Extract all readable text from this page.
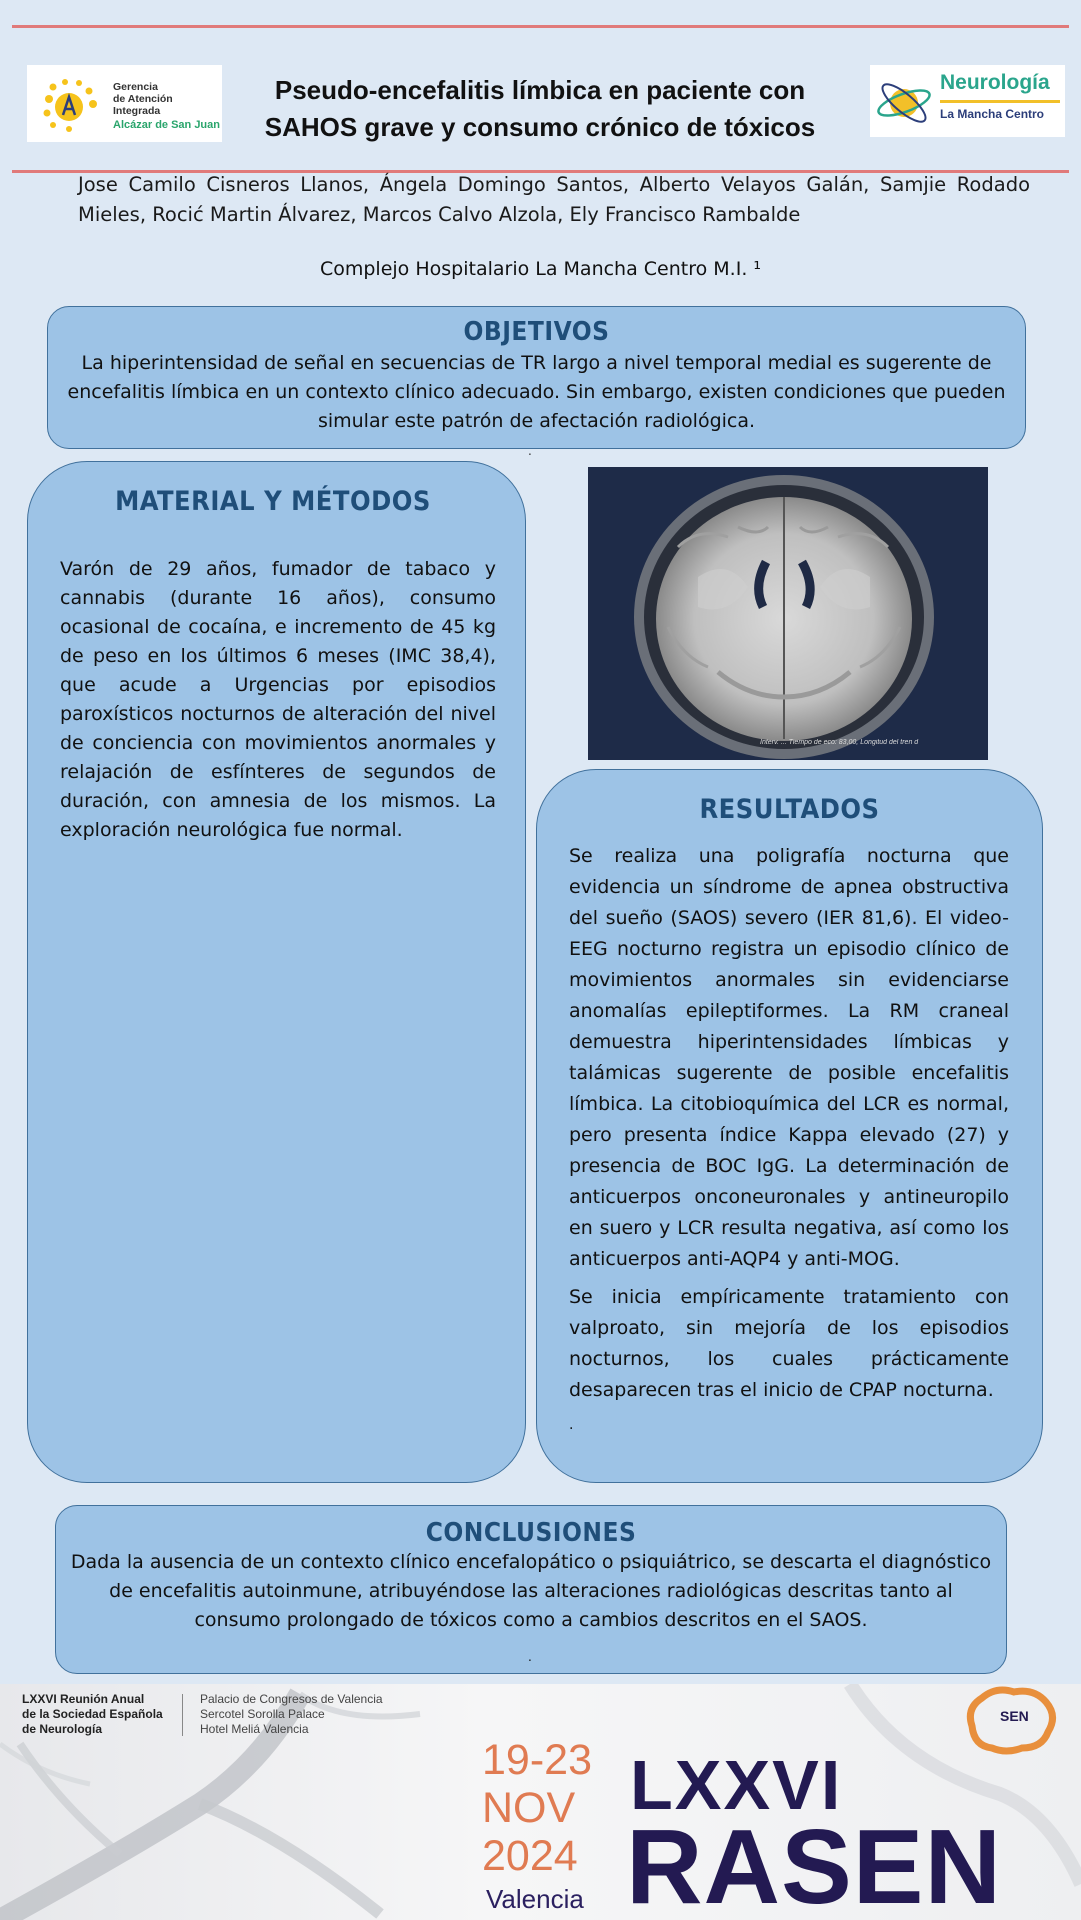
Gerencia
de Atención
Integrada
Alcázar de San Juan
Pseudo-encefalitis límbica en paciente con
SAHOS grave y consumo crónico de tóxicos
Neurología
La Mancha Centro
Jose Camilo Cisneros Llanos, Ángela Domingo Santos, Alberto Velayos Galán, Samjie Rodado Mieles, Rocić Martin Álvarez, Marcos Calvo Alzola, Ely Francisco Rambalde
Complejo Hospitalario La Mancha Centro M.I. ¹
OBJETIVOS
La hiperintensidad de señal en secuencias de TR largo a nivel temporal medial es sugerente de encefalitis límbica en un contexto clínico adecuado. Sin embargo, existen condiciones que pueden simular este patrón de afectación radiológica.
.
MATERIAL Y MÉTODOS
Varón de 29 años, fumador de tabaco y cannabis (durante 16 años), consumo ocasional de cocaína, e incremento de 45 kg de peso en los últimos 6 meses (IMC 38,4), que acude a Urgencias por episodios paroxísticos nocturnos de alteración del nivel de conciencia con movimientos anormales y relajación de esfínteres de segundos de duración, con amnesia de los mismos. La exploración neurológica fue normal.
Interv. ... Tiempo de eco: 83,00, Longitud del tren d
RESULTADOS
Se realiza una poligrafía nocturna que evidencia un síndrome de apnea obstructiva del sueño (SAOS) severo (IER 81,6). El video-EEG nocturno registra un episodio clínico de movimientos anormales sin evidenciarse anomalías epileptiformes. La RM craneal demuestra hiperintensidades límbicas y talámicas sugerente de posible encefalitis límbica. La citobioquímica del LCR es normal, pero presenta índice Kappa elevado (27) y presencia de BOC IgG. La determinación de anticuerpos onconeuronales y antineuropilo en suero y LCR resulta negativa, así como los anticuerpos anti-AQP4 y anti-MOG.
Se inicia empíricamente tratamiento con valproato, sin mejoría de los episodios nocturnos, los cuales prácticamente desaparecen tras el inicio de CPAP nocturna.
.
CONCLUSIONES
Dada la ausencia de un contexto clínico encefalopático o psiquiátrico, se descarta el diagnóstico de encefalitis autoinmune, atribuyéndose las alteraciones radiológicas descritas tanto al consumo prolongado de tóxicos como a cambios descritos en el SAOS.
.
LXXVI Reunión Anual
de la Sociedad Española
de Neurología
Palacio de Congresos de Valencia
Sercotel Sorolla Palace
Hotel Meliá Valencia
19-23
NOV
2024
Valencia
LXXVI
RASEN
SEN
